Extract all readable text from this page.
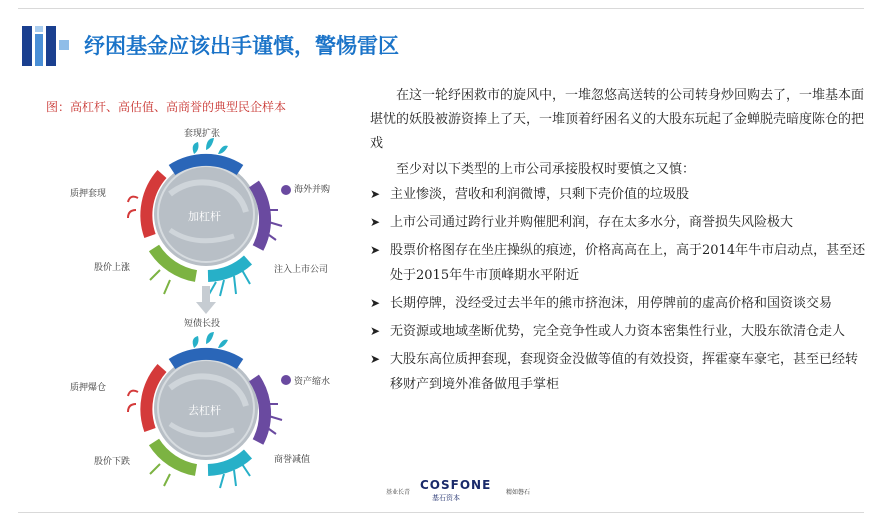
纾困基金应该出手谨慎，警惕雷区
图：高杠杆、高估值、高商誉的典型民企样本
套现扩张
海外并购
质押套现
股价上涨	注入上市公司
加杠杆
短债长投
资产缩水
质押爆仓
股价下跌	商誉减值
去杠杆

在这一轮纾困救市的旋风中，一堆忽悠高送转的公司转身炒回购去了，一堆基本面堪忧的妖股被游资捧上了天，一堆顶着纾困名义的大股东玩起了金蝉脱壳暗度陈仓的把戏

至少对以下类型的上市公司承接股权时要慎之又慎：

➤ 主业惨淡，营收和利润微博，只剩下壳价值的垃圾股
➤ 上市公司通过跨行业并购催肥利润，存在太多水分，商誉损失风险极大
➤ 股票价格图存在坐庄操纵的痕迹，价格高高在上，高于2014年牛市启动点，甚至还处于2015年牛市顶峰期水平附近
➤ 长期停牌，没经受过去半年的熊市挤泡沫，用停牌前的虚高价格和国资谈交易
➤ 无资源或地域垄断优势，完全竞争性或人力资本密集性行业，大股东欲清仓走人
➤ 大股东高位质押套现，套现资金没做等值的有效投资，挥霍豪车豪宅，甚至已经转移财产到境外准备做甩手掌柜
基业长青
COSFONE
基石资本
精如磐石
